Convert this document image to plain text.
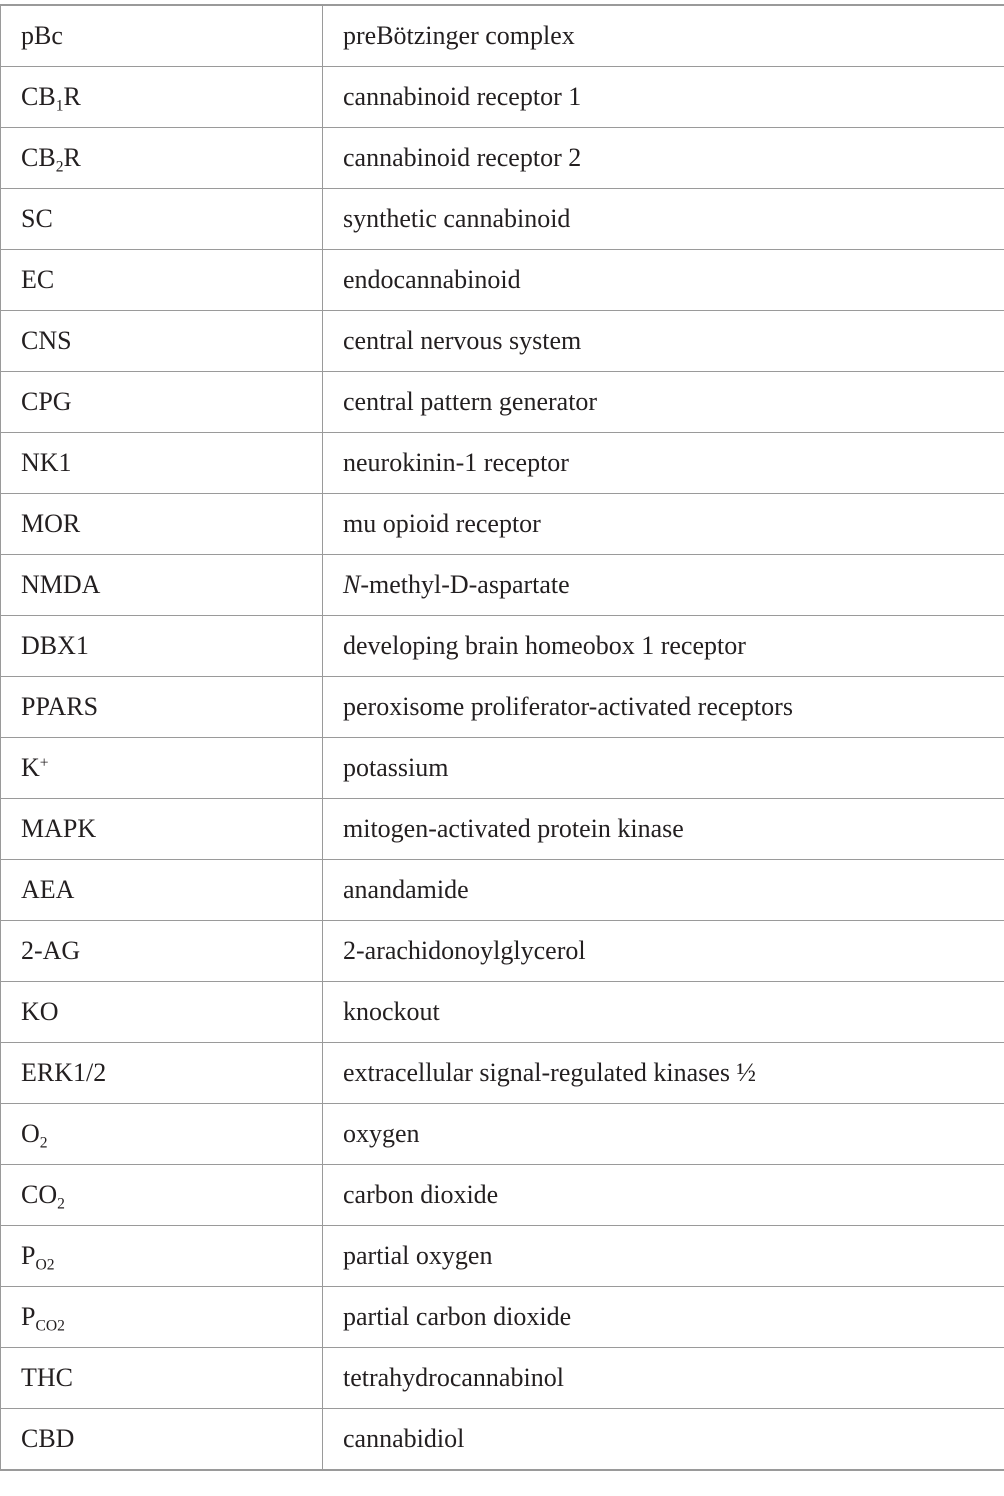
pBc	preBötzinger complex
$CB_1R$	cannabinoid receptor 1
$CB_2R$	cannabinoid receptor 2
SC	synthetic cannabinoid
EC	endocannabinoid
CNS	central nervous system
CPG	central pattern generator
NK1	neurokinin-1 receptor
MOR	mu opioid receptor
NMDA	N-methyl-D-aspartate
DBX1	developing brain homeobox 1 receptor
PPARS	peroxisome proliferator-activated receptors
K+	potassium
MAPK	mitogen-activated protein kinase
AEA	anandamide
2-AG	2-arachidonoylglycerol
KO	knockout
ERK1/2	extracellular signal-regulated kinases ½
$O_2$	oxygen
$CO_2$	carbon dioxide
$P_{O2}$	partial oxygen
$P_{CO2}$	partial carbon dioxide
THC	tetrahydrocannabinol
CBD	cannabidiol
